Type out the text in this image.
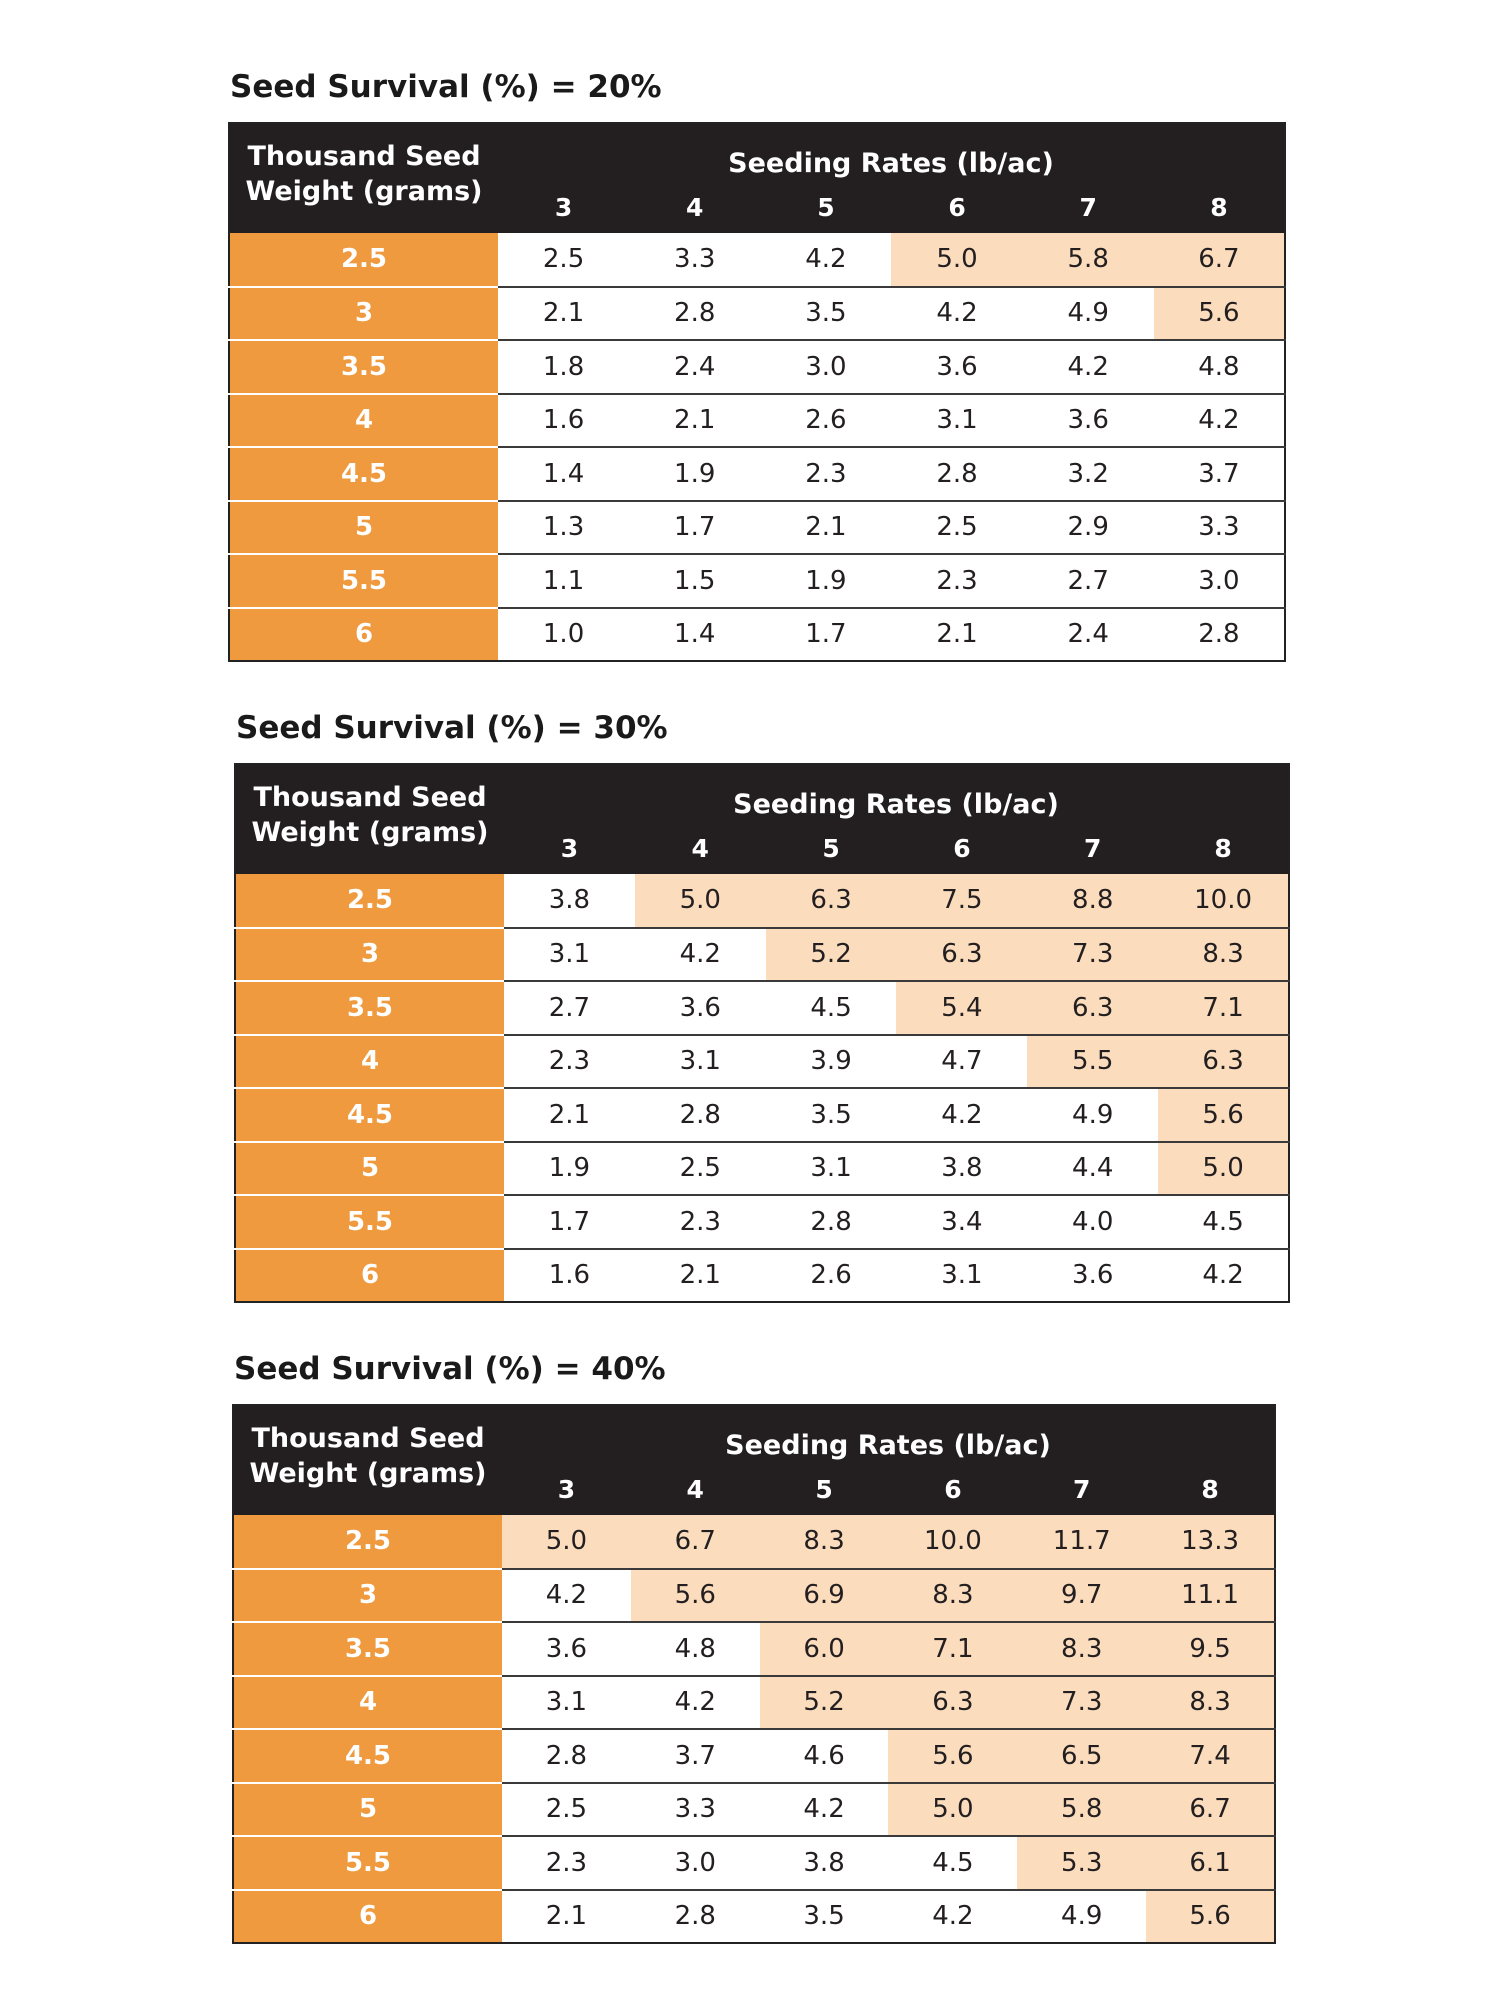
Seed Survival (%) = 20%
Thousand Seed
Weight (grams)	Seeding Rates (lb/ac)					
	3	4	5	6	7	8
2.5	2.5	3.3	4.2	5.0	5.8	6.7
3	2.1	2.8	3.5	4.2	4.9	5.6
3.5	1.8	2.4	3.0	3.6	4.2	4.8
4	1.6	2.1	2.6	3.1	3.6	4.2
4.5	1.4	1.9	2.3	2.8	3.2	3.7
5	1.3	1.7	2.1	2.5	2.9	3.3
5.5	1.1	1.5	1.9	2.3	2.7	3.0
6	1.0	1.4	1.7	2.1	2.4	2.8
Seed Survival (%) = 30%
Thousand Seed
Weight (grams)	Seeding Rates (lb/ac)					
	3	4	5	6	7	8
2.5	3.8	5.0	6.3	7.5	8.8	10.0
3	3.1	4.2	5.2	6.3	7.3	8.3
3.5	2.7	3.6	4.5	5.4	6.3	7.1
4	2.3	3.1	3.9	4.7	5.5	6.3
4.5	2.1	2.8	3.5	4.2	4.9	5.6
5	1.9	2.5	3.1	3.8	4.4	5.0
5.5	1.7	2.3	2.8	3.4	4.0	4.5
6	1.6	2.1	2.6	3.1	3.6	4.2
Seed Survival (%) = 40%
Thousand Seed
Weight (grams)	Seeding Rates (lb/ac)					
	3	4	5	6	7	8
2.5	5.0	6.7	8.3	10.0	11.7	13.3
3	4.2	5.6	6.9	8.3	9.7	11.1
3.5	3.6	4.8	6.0	7.1	8.3	9.5
4	3.1	4.2	5.2	6.3	7.3	8.3
4.5	2.8	3.7	4.6	5.6	6.5	7.4
5	2.5	3.3	4.2	5.0	5.8	6.7
5.5	2.3	3.0	3.8	4.5	5.3	6.1
6	2.1	2.8	3.5	4.2	4.9	5.6
